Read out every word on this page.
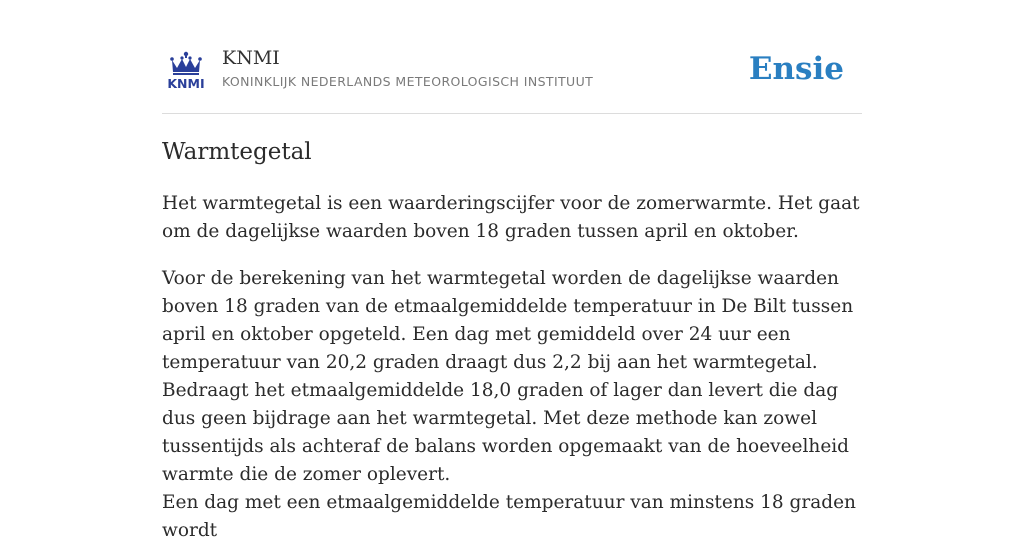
KNMI
KNMI
KONINKLIJK NEDERLANDS METEOROLOGISCH INSTITUUT	Ensie
Warmtegetal

Het warmtegetal is een waarderingscijfer voor de zomerwarmte. Het gaat om de dagelijkse waarden boven 18 graden tussen april en oktober.

Voor de berekening van het warmtegetal worden de dagelijkse waarden boven 18 graden van de etmaalgemiddelde temperatuur in De Bilt tussen april en oktober opgeteld. Een dag met gemiddeld over 24 uur een temperatuur van 20,2 graden draagt dus 2,2 bij aan het warmtegetal. Bedraagt het etmaalgemiddelde 18,0 graden of lager dan levert die dag dus geen bijdrage aan het warmtegetal. Met deze methode kan zowel tussentijds als achteraf de balans worden opgemaakt van de hoeveelheid warmte die de zomer oplevert.

Een dag met een etmaalgemiddelde temperatuur van minstens 18 graden wordt
